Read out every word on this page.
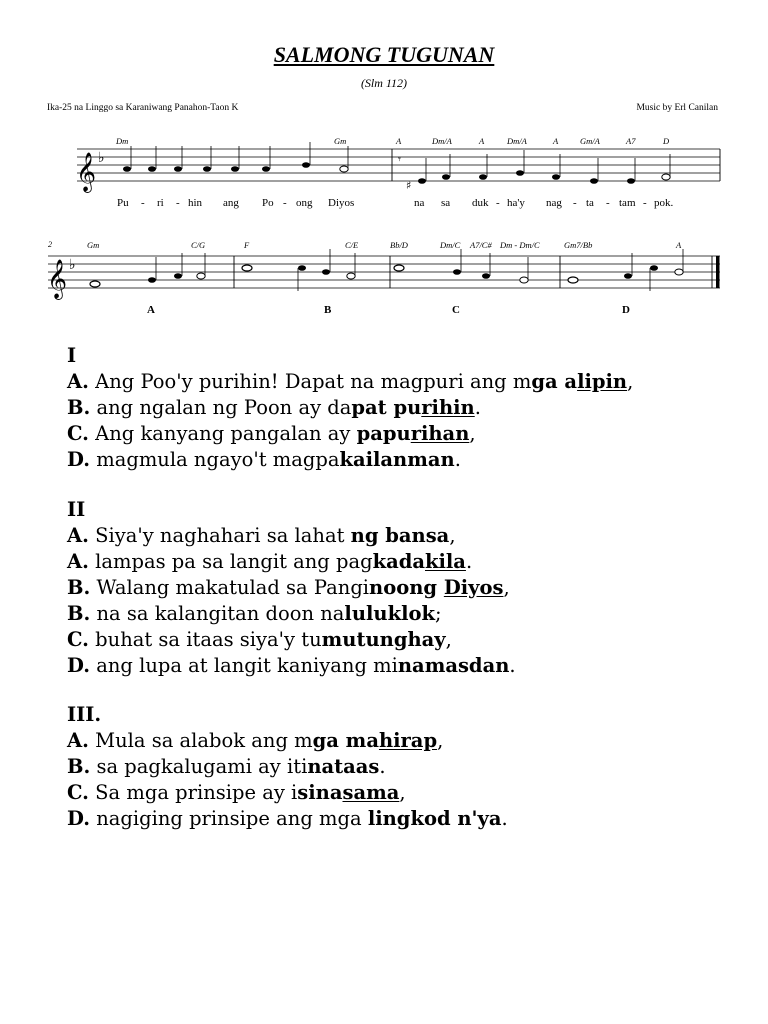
SALMONG TUGUNAN
(Slm 112)
Ika-25 na Linggo sa Karaniwang Panahon-Taon K	Music by Erl Canilan
𝄞 ♭	𝄾
♯
Dm	Gm	A	Dm/A	A	Dm/A	A	Gm/A	A7	D
Pu - ri - hin ang Po - ong Diyos	na sa duk - ha'y nag - ta - tam - pok.
2
𝄞 ♭
Gm	C/G	F	C/E	Bb/D	Dm/C A7/C# Dm - Dm/C	Gm7/Bb	A
A	B	C	D
I
A. Ang Poo'y purihin! Dapat na magpuri ang mga alipin,
B. ang ngalan ng Poon ay dapat purihin.
C. Ang kanyang pangalan ay papurihan,
D. magmula ngayo't magpakailanman.
II
A. Siya'y naghahari sa lahat ng bansa,
A. lampas pa sa langit ang pagkadakila.
B. Walang makatulad sa Panginoong Diyos,
B. na sa kalangitan doon naluluklok;
C. buhat sa itaas siya'y tumutunghay,
D. ang lupa at langit kaniyang minamasdan.
III.
A. Mula sa alabok ang mga mahirap,
B. sa pagkalugami ay itinataas.
C. Sa mga prinsipe ay isinasama,
D. nagiging prinsipe ang mga lingkod n'ya.
